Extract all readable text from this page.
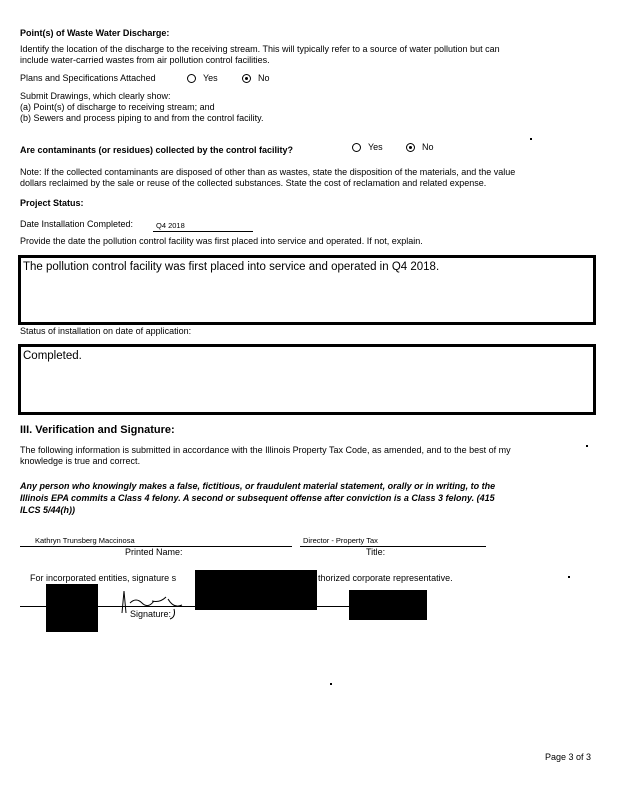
Point(s) of Waste Water Discharge:
Identify the location of the discharge to the receiving stream. This will typically refer to a source of water pollution but can
include water-carried wastes from air pollution control facilities.
Plans and Specifications Attached	Yes	No
Submit Drawings, which clearly show:
(a) Point(s) of discharge to receiving stream; and
(b) Sewers and process piping to and from the control facility.
Are contaminants (or residues) collected by the control facility?	Yes	No
Note: If the collected contaminants are disposed of other than as wastes, state the disposition of the materials, and the value
dollars reclaimed by the sale or reuse of the collected substances. State the cost of reclamation and related expense.
Project Status:
Date Installation Completed:	Q4 2018
Provide the date the pollution control facility was first placed into service and operated. If not, explain.
The pollution control facility was first placed into service and operated in Q4 2018.
Status of installation on date of application:
Completed.
III. Verification and Signature:
The following information is submitted in accordance with the Illinois Property Tax Code, as amended, and to the best of my
knowledge is true and correct.
Any person who knowingly makes a false, fictitious, or fraudulent material statement, orally or in writing, to the
Illinois EPA commits a Class 4 felony. A second or subsequent offense after conviction is a Class 3 felony. (415
ILCS 5/44(h))
Kathryn Trunsberg Maccinosa
Printed Name:
Director - Property Tax
Title:
For incorporated entities, signature s	thorized corporate representative.
Signature:
Page 3 of 3
